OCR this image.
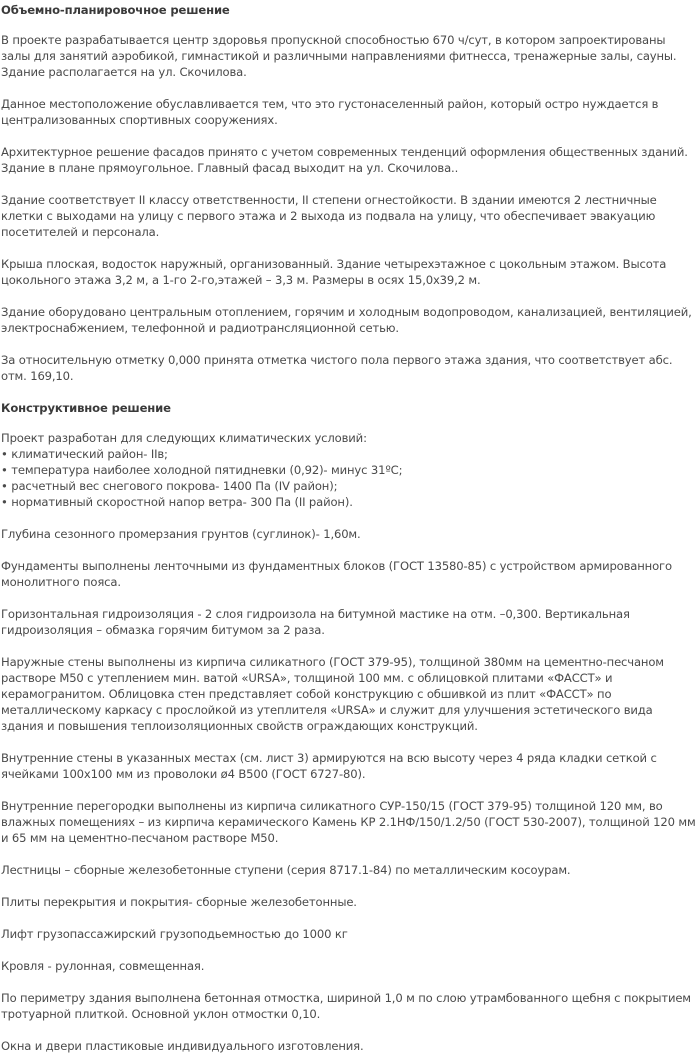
Объемно-планировочное решение

В проекте разрабатывается центр здоровья пропускной способностью 670 ч/сут, в котором запроектированы залы для занятий аэробикой, гимнастикой и различными направлениями фитнесса, тренажерные залы, сауны. Здание располагается на ул. Скочилова.

Данное местоположение обуславливается тем, что это густонаселенный район, который остро нуждается в централизованных спортивных сооружениях.

Архитектурное решение фасадов принято с учетом современных тенденций оформления общественных зданий. Здание в плане прямоугольное. Главный фасад выходит на ул. Скочилова..

Здание соответствует II классу ответственности, II степени огнестойкости. В здании имеются 2 лестничные клетки с выходами на улицу с первого этажа и 2 выхода из подвала на улицу, что обеспечивает эвакуацию посетителей и персонала.

Крыша плоская, водосток наружный, организованный. Здание четырехэтажное с цокольным этажом. Высота цокольного этажа 3,2 м, а 1-го 2-го,этажей – 3,3 м. Размеры в осях 15,0х39,2 м.

Здание оборудовано центральным отоплением, горячим и холодным водопроводом, канализацией, вентиляцией, электроснабжением, телефонной и радиотрансляционной сетью.

За относительную отметку 0,000 принята отметка чистого пола первого этажа здания, что соответствует абс. отм. 169,10.

Конструктивное решение

Проект разработан для следующих климатических условий:

• климатический район- IIв;
• температура наиболее холодной пятидневки (0,92)- минус 31ºС;
• расчетный вес снегового покрова- 1400 Па (IV район);
• нормативный скоростной напор ветра- 300 Па (II район).

Глубина сезонного промерзания грунтов (суглинок)- 1,60м.

Фундаменты выполнены ленточными из фундаментных блоков (ГОСТ 13580-85) с устройством армированного монолитного пояса.

Горизонтальная гидроизоляция - 2 слоя гидроизола на битумной мастике на отм. –0,300. Вертикальная гидроизоляция – обмазка горячим битумом за 2 раза.

Наружные стены выполнены из кирпича силикатного (ГОСТ 379-95), толщиной 380мм на цементно-песчаном растворе М50 с утеплением мин. ватой «URSA», толщиной 100 мм. с облицовкой плитами «ФАССТ» и керамогранитом. Облицовка стен представляет собой конструкцию с обшивкой из плит «ФАССТ» по металлическому каркасу с прослойкой из утеплителя «URSA» и служит для улучшения эстетического вида здания и повышения теплоизоляционных свойств ограждающих конструкций.

Внутренние стены в указанных местах (см. лист 3) армируются на всю высоту через 4 ряда кладки сеткой с ячейками 100х100 мм из проволоки ø4 В500 (ГОСТ 6727-80).

Внутренние перегородки выполнены из кирпича силикатного СУР-150/15 (ГОСТ 379-95) толщиной 120 мм, во влажных помещениях – из кирпича керамического Камень КР 2.1НФ/150/1.2/50 (ГОСТ 530-2007), толщиной 120 мм и 65 мм на цементно-песчаном растворе М50.

Лестницы – сборные железобетонные ступени (серия 8717.1-84) по металлическим косоурам.

Плиты перекрытия и покрытия- сборные железобетонные.

Лифт грузопассажирский грузоподьемностью до 1000 кг

Кровля - рулонная, совмещенная.

По периметру здания выполнена бетонная отмостка, шириной 1,0 м по слою утрамбованного щебня с покрытием тротуарной плиткой. Основной уклон отмостки 0,10.

Окна и двери пластиковые индивидуального изготовления.
